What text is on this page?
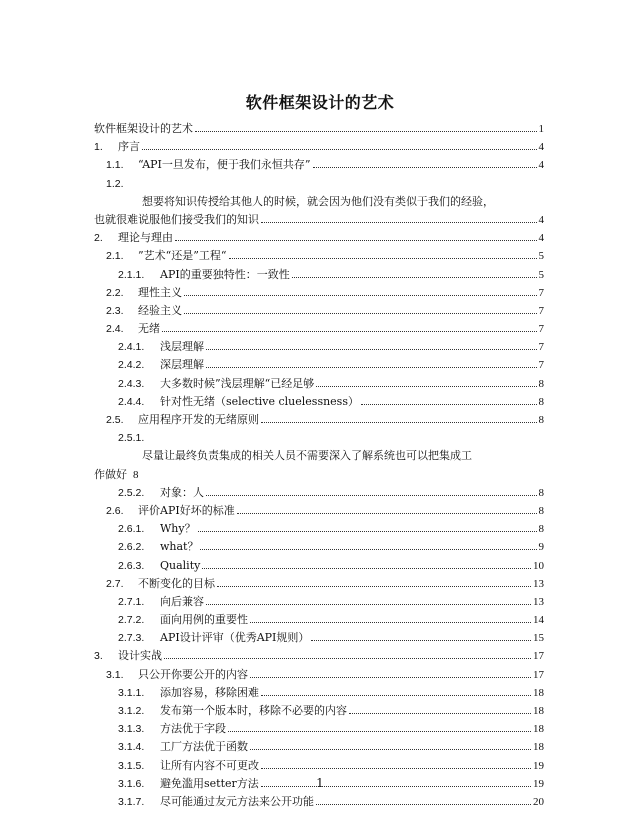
软件框架设计的艺术
软件框架设计的艺术	1
1.	序言	4
1.1.	“API一旦发布，便于我们永恒共存”	4
1.2.
想要将知识传授给其他人的时候，就会因为他们没有类似于我们的经验，
也就很难说服他们接受我们的知识	4
2.	理论与理由	4
2.1.	”艺术“还是”工程“	5
2.1.1.	API的重要独特性：一致性	5
2.2.	理性主义	7
2.3.	经验主义	7
2.4.	无绪	7
2.4.1.	浅层理解	7
2.4.2.	深层理解	7
2.4.3.	大多数时候”浅层理解“已经足够	8
2.4.4.	针对性无绪（selective cluelessness）	8
2.5.	应用程序开发的无绪原则	8
2.5.1.
尽量让最终负责集成的相关人员不需要深入了解系统也可以把集成工
作做好 8
2.5.2.	对象：人	8
2.6.	评价API好坏的标准	8
2.6.1.	Why？	8
2.6.2.	what？	9
2.6.3.	Quality	10
2.7.	不断变化的目标	13
2.7.1.	向后兼容	13
2.7.2.	面向用例的重要性	14
2.7.3.	API设计评审（优秀API规则）	15
3.	设计实战	17
3.1.	只公开你要公开的内容	17
3.1.1.	添加容易，移除困难	18
3.1.2.	发布第一个版本时，移除不必要的内容	18
3.1.3.	方法优于字段	18
3.1.4.	工厂方法优于函数	18
3.1.5.	让所有内容不可更改	19
3.1.6.	避免滥用setter方法	19
3.1.7.	尽可能通过友元方法来公开功能	20
1
